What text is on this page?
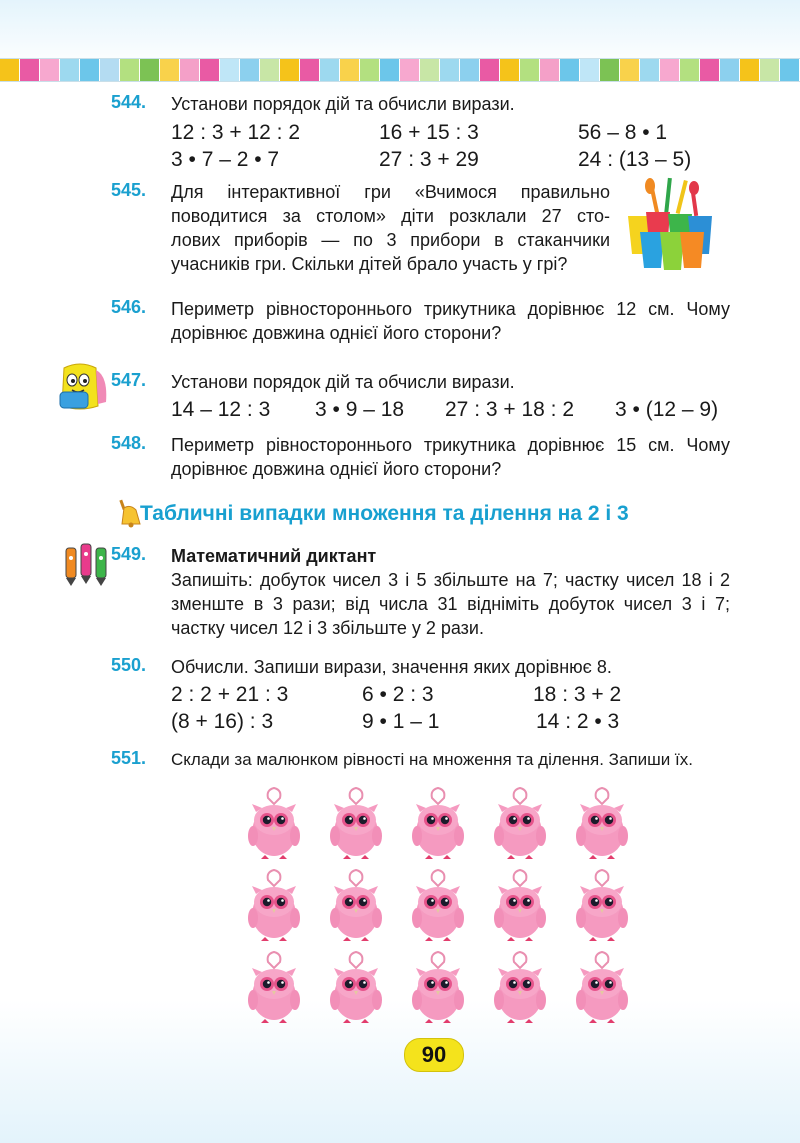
544. Установи порядок дій та обчисли вирази.
12 : 3 + 12 : 2	16 + 15 : 3	56 – 8 • 1
3 • 7 – 2 • 7	27 : 3 + 29	24 : (13 – 5)
545. Для інтерактивної гри «Вчимося правильно
поводитися за столом» діти розклали 27 сто-
лових приборів — по 3 прибори в стаканчики
учасників гри. Скільки дітей брало участь у грі?
546. Периметр рівностороннього трикутника дорівнює 12 см. Чому дорівнює довжина однієї його сторони?
547. Установи порядок дій та обчисли вирази.
14 – 12 : 3 3 • 9 – 18 27 : 3 + 18 : 2 3 • (12 – 9)
548. Периметр рівностороннього трикутника дорівнює 15 см. Чому дорівнює довжина однієї його сторони?
Табличні випадки множення та ділення на 2 і 3
549. Математичний диктант
Запишіть: добуток чисел 3 і 5 збільште на 7; частку чисел 18 і 2 зменште в 3 рази; від числа 31 відніміть добуток чисел 3 і 7; частку чисел 12 і 3 збільште у 2 рази.
550. Обчисли. Запиши вирази, значення яких дорівнює 8.
2 : 2 + 21 : 3	6 • 2 : 3	18 : 3 + 2
(8 + 16) : 3	9 • 1 – 1	14 : 2 • 3
551. Склади за малюнком рівності на множення та ділення. Запиши їх.
90
